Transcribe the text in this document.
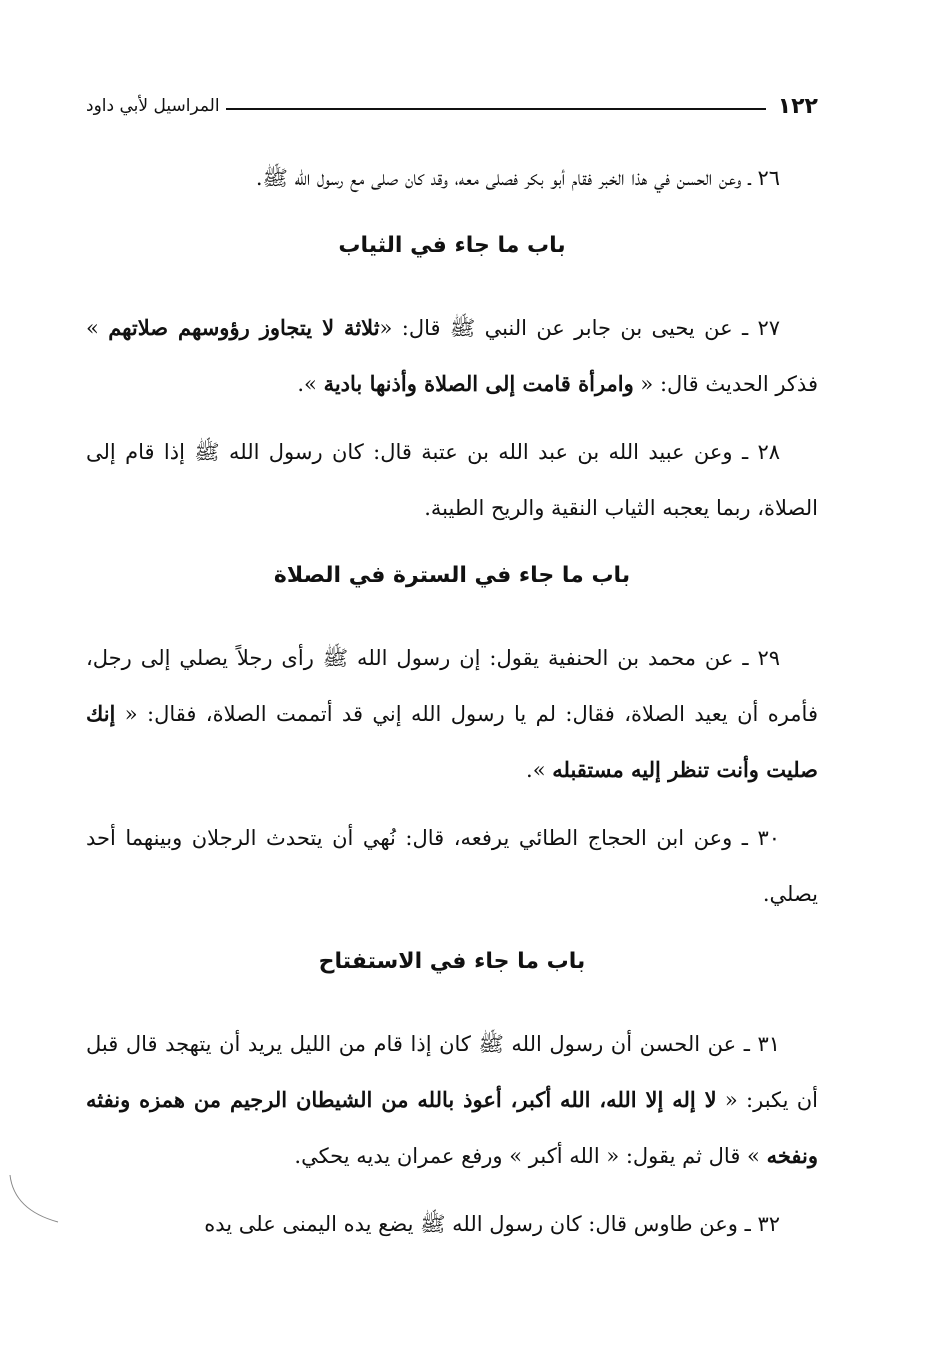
١٢٢
المراسيل لأبي داود

٢٦ ـ وعن الحسن في هذا الخبر فقام أبو بكر فصلى معه، وقد كان صلى مع رسول الله ﷺ.

باب ما جاء في الثياب

٢٧ ـ عن يحيى بن جابر عن النبي ﷺ قال: «ثلاثة لا يتجاوز رؤوسهم صلاتهم » فذكر الحديث قال: « وامرأة قامت إلى الصلاة وأذنها بادية ».

٢٨ ـ وعن عبيد الله بن عبد الله بن عتبة قال: كان رسول الله ﷺ إذا قام إلى الصلاة، ربما يعجبه الثياب النقية والريح الطيبة.

باب ما جاء في السترة في الصلاة

٢٩ ـ عن محمد بن الحنفية يقول: إن رسول الله ﷺ رأى رجلاً يصلي إلى رجل، فأمره أن يعيد الصلاة، فقال: لم يا رسول الله إني قد أتممت الصلاة، فقال: « إنك صليت وأنت تنظر إليه مستقبله ».

٣٠ ـ وعن ابن الحجاج الطائي يرفعه، قال: نُهي أن يتحدث الرجلان وبينهما أحد يصلي.

باب ما جاء في الاستفتاح

٣١ ـ عن الحسن أن رسول الله ﷺ كان إذا قام من الليل يريد أن يتهجد قال قبل أن يكبر: « لا إله إلا الله، الله أكبر، أعوذ بالله من الشيطان الرجيم من همزه ونفثه ونفخه » قال ثم يقول: « الله أكبر » ورفع عمران يديه يحكي.

٣٢ ـ وعن طاوس قال: كان رسول الله ﷺ يضع يده اليمنى على يده
